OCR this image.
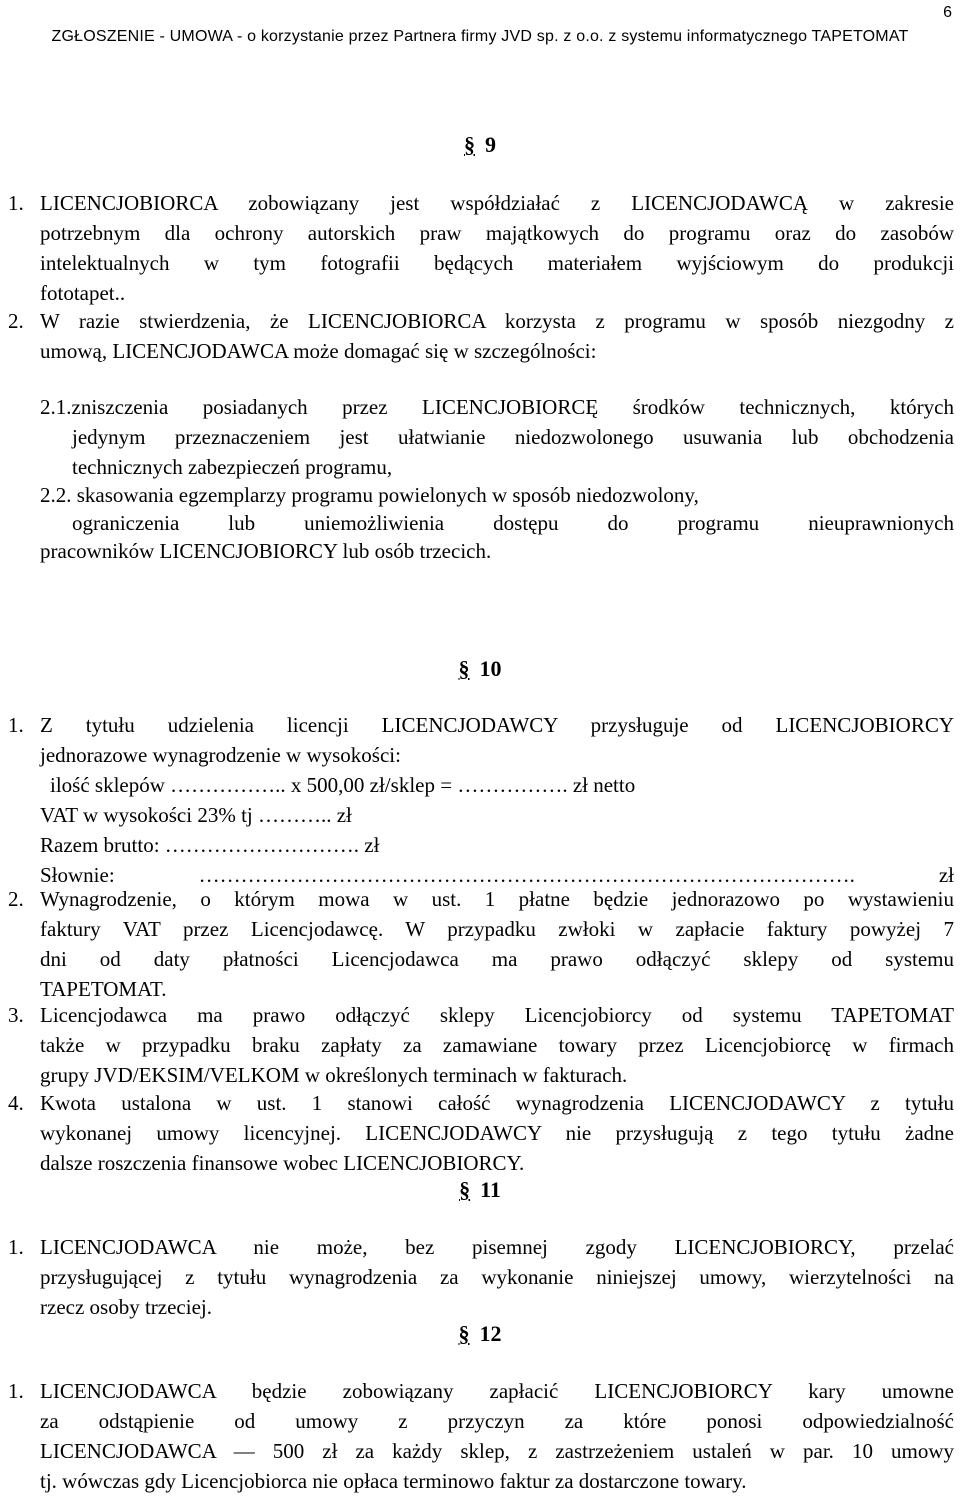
6
ZGŁOSZENIE - UMOWA - o korzystanie przez Partnera firmy JVD sp. z o.o. z systemu informatycznego TAPETOMAT
§ 9
1. LICENCJOBIORCA zobowiązany jest współdziałać z LICENCJODAWCĄ w zakresie
potrzebnym dla ochrony autorskich praw majątkowych do programu oraz do zasobów
intelektualnych w tym fotografii będących materiałem wyjściowym do produkcji
fototapet..
2. W razie stwierdzenia, że LICENCJOBIORCA korzysta z programu w sposób niezgodny z
umową, LICENCJODAWCA może domagać się w szczególności:
2.1.zniszczenia posiadanych przez LICENCJOBIORCĘ środków technicznych, których
jedynym przeznaczeniem jest ułatwianie niedozwolonego usuwania lub obchodzenia
technicznych zabezpieczeń programu,
2.2. skasowania egzemplarzy programu powielonych w sposób niedozwolony,
ograniczenia lub uniemożliwienia dostępu do programu nieuprawnionych
pracowników LICENCJOBIORCY lub osób trzecich.
§ 10
1. Z tytułu udzielenia licencji LICENCJODAWCY przysługuje od LICENCJOBIORCY
jednorazowe wynagrodzenie w wysokości:
ilość sklepów …………….. x 500,00 zł/sklep = ……………. zł netto
VAT w wysokości 23% tj ……….. zł
Razem brutto: ………………………. zł
Słownie: …………………………………………………………………………………. zł
2. Wynagrodzenie, o którym mowa w ust. 1 płatne będzie jednorazowo po wystawieniu
faktury VAT przez Licencjodawcę. W przypadku zwłoki w zapłacie faktury powyżej 7
dni od daty płatności Licencjodawca ma prawo odłączyć sklepy od systemu
TAPETOMAT.
3. Licencjodawca ma prawo odłączyć sklepy Licencjobiorcy od systemu TAPETOMAT
także w przypadku braku zapłaty za zamawiane towary przez Licencjobiorcę w firmach
grupy JVD/EKSIM/VELKOM w określonych terminach w fakturach.
4. Kwota ustalona w ust. 1 stanowi całość wynagrodzenia LICENCJODAWCY z tytułu
wykonanej umowy licencyjnej. LICENCJODAWCY nie przysługują z tego tytułu żadne
dalsze roszczenia finansowe wobec LICENCJOBIORCY.
§ 11
1. LICENCJODAWCA nie może, bez pisemnej zgody LICENCJOBIORCY, przelać
przysługującej z tytułu wynagrodzenia za wykonanie niniejszej umowy, wierzytelności na
rzecz osoby trzeciej.
§ 12
1. LICENCJODAWCA będzie zobowiązany zapłacić LICENCJOBIORCY kary umowne
za odstąpienie od umowy z przyczyn za które ponosi odpowiedzialność
LICENCJODAWCA — 500 zł za każdy sklep, z zastrzeżeniem ustaleń w par. 10 umowy
tj. wówczas gdy Licencjobiorca nie opłaca terminowo faktur za dostarczone towary.
